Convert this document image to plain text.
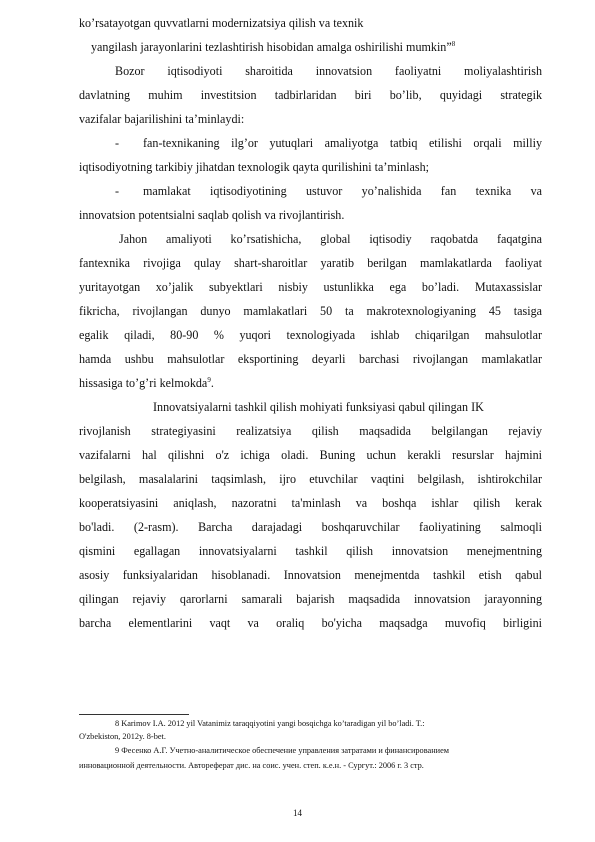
ko’rsatayotgan quvvatlarni modernizatsiya qilish va texnik
yangilash jarayonlarini tezlashtirish hisobidan amalga oshirilishi mumkin”$^8$
Bozor iqtisodiyoti sharoitida innovatsion faoliyatni moliyalashtirish
davlatning muhim investitsion tadbirlaridan biri bo’lib, quyidagi strategik
vazifalar bajarilishini ta’minlaydi:
-	fan-texnikaning ilg’or yutuqlari amaliyotga tatbiq etilishi orqali milliy
iqtisodiyotning tarkibiy jihatdan texnologik qayta qurilishini ta’minlash;
-	mamlakat iqtisodiyotining ustuvor yo’nalishida fan texnika va
innovatsion potentsialni saqlab qolish va rivojlantirish.
Jahon amaliyoti ko’rsatishicha, global iqtisodiy raqobatda faqatgina
fantexnika rivojiga qulay shart-sharoitlar yaratib berilgan mamlakatlarda faoliyat
yuritayotgan xo’jalik subyektlari nisbiy ustunlikka ega bo’ladi. Mutaxassislar
fikricha, rivojlangan dunyo mamlakatlari 50 ta makrotexnologiyaning 45 tasiga
egalik qiladi, 80-90 % yuqori texnologiyada ishlab chiqarilgan mahsulotlar
hamda ushbu mahsulotlar eksportining deyarli barchasi rivojlangan mamlakatlar
hissasiga to’g’ri kelmokda$^9$.
Innovatsiyalarni tashkil qilish mohiyati funksiyasi qabul qilingan IK
rivojlanish strategiyasini realizatsiya qilish maqsadida belgilangan rejaviy
vazifalarni hal qilishni o'z ichiga oladi. Buning uchun kerakli resurslar hajmini
belgilash, masalalarini taqsimlash, ijro etuvchilar vaqtini belgilash, ishtirokchilar
kooperatsiyasini aniqlash, nazoratni ta'minlash va boshqa ishlar qilish kerak
bo'ladi. (2-rasm). Barcha darajadagi boshqaruvchilar faoliyatining salmoqli
qismini egallagan innovatsiyalarni tashkil qilish innovatsion menejmentning
asosiy funksiyalaridan hisoblanadi. Innovatsion menejmentda tashkil etish qabul
qilingan rejaviy qarorlarni samarali bajarish maqsadida innovatsion jarayonning
barcha elementlarini vaqt va oraliq bo'yicha maqsadga muvofiq birligini
8 Karimov I.A. 2012 yil Vatanimiz taraqqiyotini yangi bosqichga ko’taradigan yil bo’ladi. T.:
O'zbekiston, 2012y. 8-bet.
9 Фесенко А.Г. Учетно-аналитическое обеспечение управления затратами и финансированием
инновационной деятельности. Автореферат дис. на соис. учен. степ. к.е.н. - Сургут.: 2006 г. 3 стр.
14
